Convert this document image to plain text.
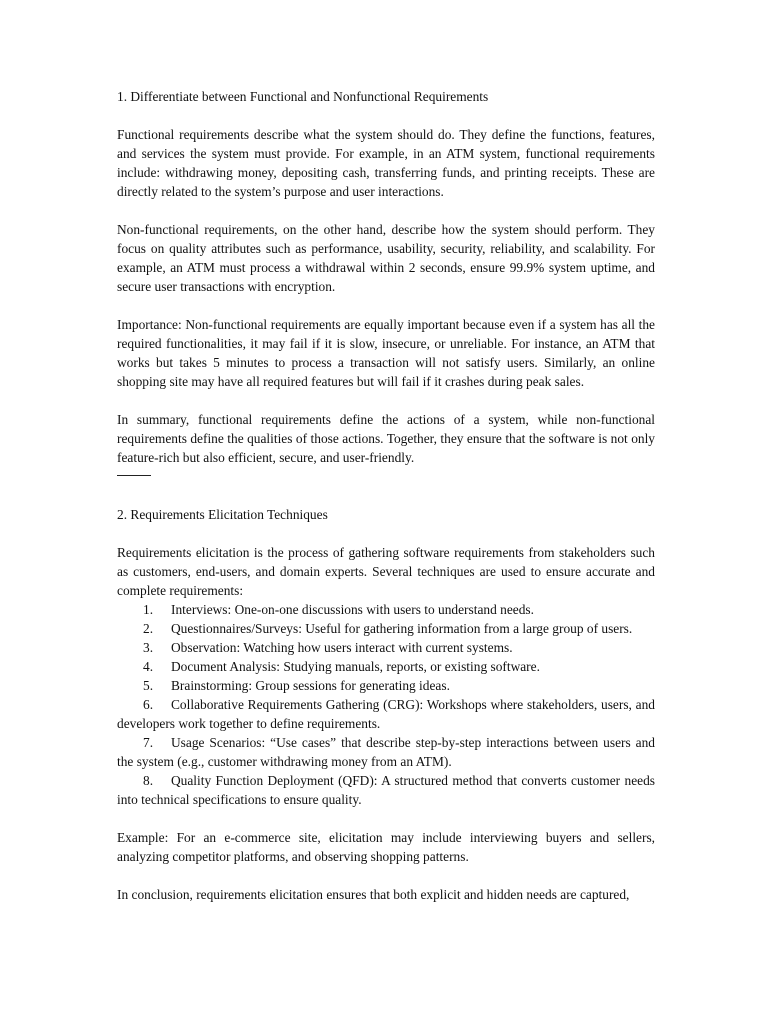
1. Differentiate between Functional and Nonfunctional Requirements

Functional requirements describe what the system should do. They define the functions, features, and services the system must provide. For example, in an ATM system, functional requirements include: withdrawing money, depositing cash, transferring funds, and printing receipts. These are directly related to the system’s purpose and user interactions.

Non-functional requirements, on the other hand, describe how the system should perform. They focus on quality attributes such as performance, usability, security, reliability, and scalability. For example, an ATM must process a withdrawal within 2 seconds, ensure 99.9% system uptime, and secure user transactions with encryption.

Importance: Non-functional requirements are equally important because even if a system has all the required functionalities, it may fail if it is slow, insecure, or unreliable. For instance, an ATM that works but takes 5 minutes to process a transaction will not satisfy users. Similarly, an online shopping site may have all required features but will fail if it crashes during peak sales.

In summary, functional requirements define the actions of a system, while non-functional requirements define the qualities of those actions. Together, they ensure that the software is not only feature-rich but also efficient, secure, and user-friendly.

2. Requirements Elicitation Techniques

Requirements elicitation is the process of gathering software requirements from stakeholders such as customers, end-users, and domain experts. Several techniques are used to ensure accurate and complete requirements:

1. Interviews: One-on-one discussions with users to understand needs.
2. Questionnaires/Surveys: Useful for gathering information from a large group of users.
3. Observation: Watching how users interact with current systems.
4. Document Analysis: Studying manuals, reports, or existing software.
5. Brainstorming: Group sessions for generating ideas.
6. Collaborative Requirements Gathering (CRG): Workshops where stakeholders, users, and developers work together to define requirements.
7. Usage Scenarios: “Use cases” that describe step-by-step interactions between users and the system (e.g., customer withdrawing money from an ATM).
8. Quality Function Deployment (QFD): A structured method that converts customer needs into technical specifications to ensure quality.

Example: For an e-commerce site, elicitation may include interviewing buyers and sellers, analyzing competitor platforms, and observing shopping patterns.

In conclusion, requirements elicitation ensures that both explicit and hidden needs are captured,
